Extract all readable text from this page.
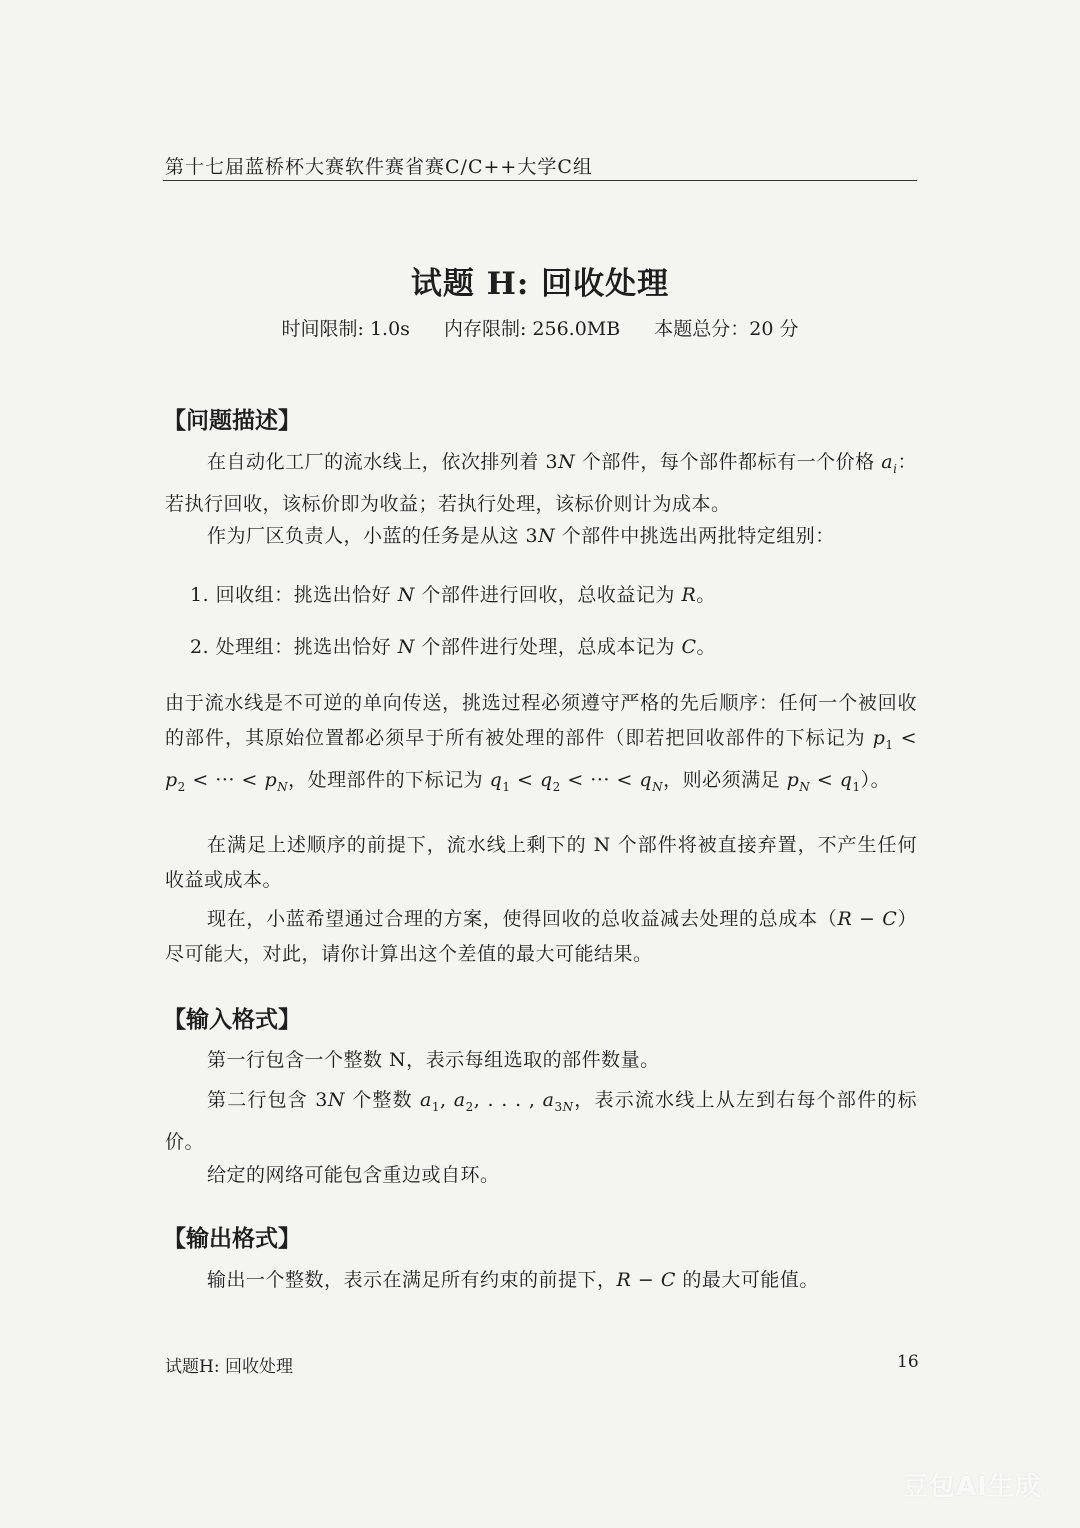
第十七届蓝桥杯大赛软件赛省赛C/C++大学C组
试题 H: 回收处理
时间限制: 1.0s 内存限制: 256.0MB 本题总分：20 分
【问题描述】
在自动化工厂的流水线上，依次排列着 3N 个部件，每个部件都标有一个价格 $a_i$：若执行回收，该标价即为收益；若执行处理，该标价则计为成本。
作为厂区负责人，小蓝的任务是从这 3N 个部件中挑选出两批特定组别：
1. 回收组：挑选出恰好 N 个部件进行回收，总收益记为 R。
2. 处理组：挑选出恰好 N 个部件进行处理，总成本记为 C。
由于流水线是不可逆的单向传送，挑选过程必须遵守严格的先后顺序：任何一个被回收的部件，其原始位置都必须早于所有被处理的部件（即若把回收部件的下标记为 $p_1 < p_2$ < ··· < $p_N$，处理部件的下标记为 $q_1 < q_2$ < ··· < $q_N$，则必须满足 $p_N < q_1$）。
在满足上述顺序的前提下，流水线上剩下的 N 个部件将被直接弃置，不产生任何收益或成本。
现在，小蓝希望通过合理的方案，使得回收的总收益减去处理的总成本（R − C）尽可能大，对此，请你计算出这个差值的最大可能结果。
【输入格式】
第一行包含一个整数 N，表示每组选取的部件数量。
第二行包含 3N 个整数 $a_1$, $a_2$, . . . , $a_{3N}$，表示流水线上从左到右每个部件的标价。
给定的网络可能包含重边或自环。
【输出格式】
输出一个整数，表示在满足所有约束的前提下，R − C 的最大可能值。
试题H: 回收处理	16
豆包AI生成
